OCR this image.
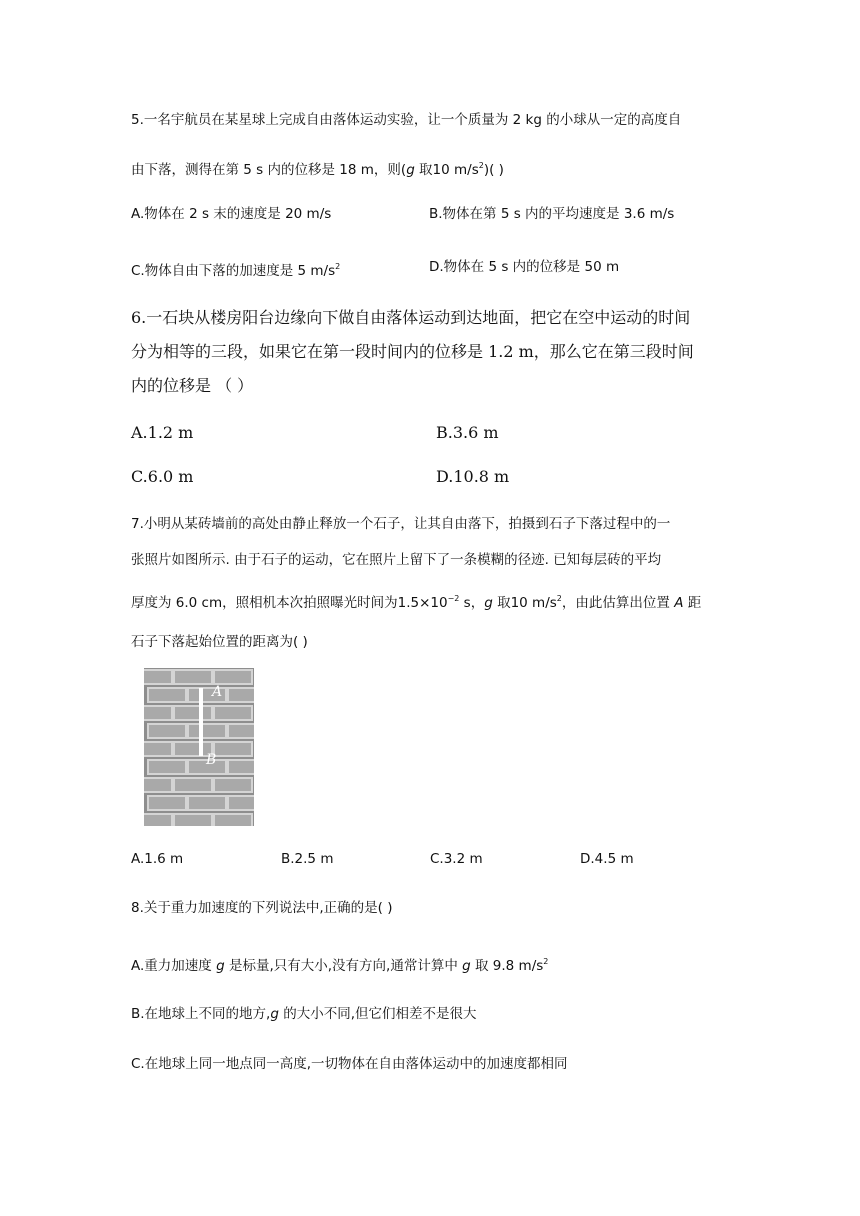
5.一名宇航员在某星球上完成自由落体运动实验，让一个质量为 2 kg 的小球从一定的高度自
由下落，测得在第 5 s 内的位移是 18 m，则(g 取10 $m/s^2$)( )
A.物体在 2 s 末的速度是 20 m/s	B.物体在第 5 s 内的平均速度是 3.6 m/s
C.物体自由下落的加速度是 5 $m/s^2$	D.物体在 5 s 内的位移是 50 m
6.一石块从楼房阳台边缘向下做自由落体运动到达地面，把它在空中运动的时间
分为相等的三段，如果它在第一段时间内的位移是 1.2 m，那么它在第三段时间
内的位移是 （ ）
A.1.2 m	B.3.6 m
C.6.0 m	D.10.8 m
7.小明从某砖墙前的高处由静止释放一个石子，让其自由落下，拍摄到石子下落过程中的一
张照片如图所示. 由于石子的运动，它在照片上留下了一条模糊的径迹. 已知每层砖的平均
厚度为 6.0 cm，照相机本次拍照曝光时间为$1.5\times 10^{-2}$ s，g 取10 $m/s^2$，由此估算出位置 A 距
石子下落起始位置的距离为( )
A
B
A.1.6 m	B.2.5 m	C.3.2 m	D.4.5 m
8.关于重力加速度的下列说法中,正确的是( )
A.重力加速度 g 是标量,只有大小,没有方向,通常计算中 g 取 9.8 $m/s^2$
B.在地球上不同的地方,g 的大小不同,但它们相差不是很大
C.在地球上同一地点同一高度,一切物体在自由落体运动中的加速度都相同
